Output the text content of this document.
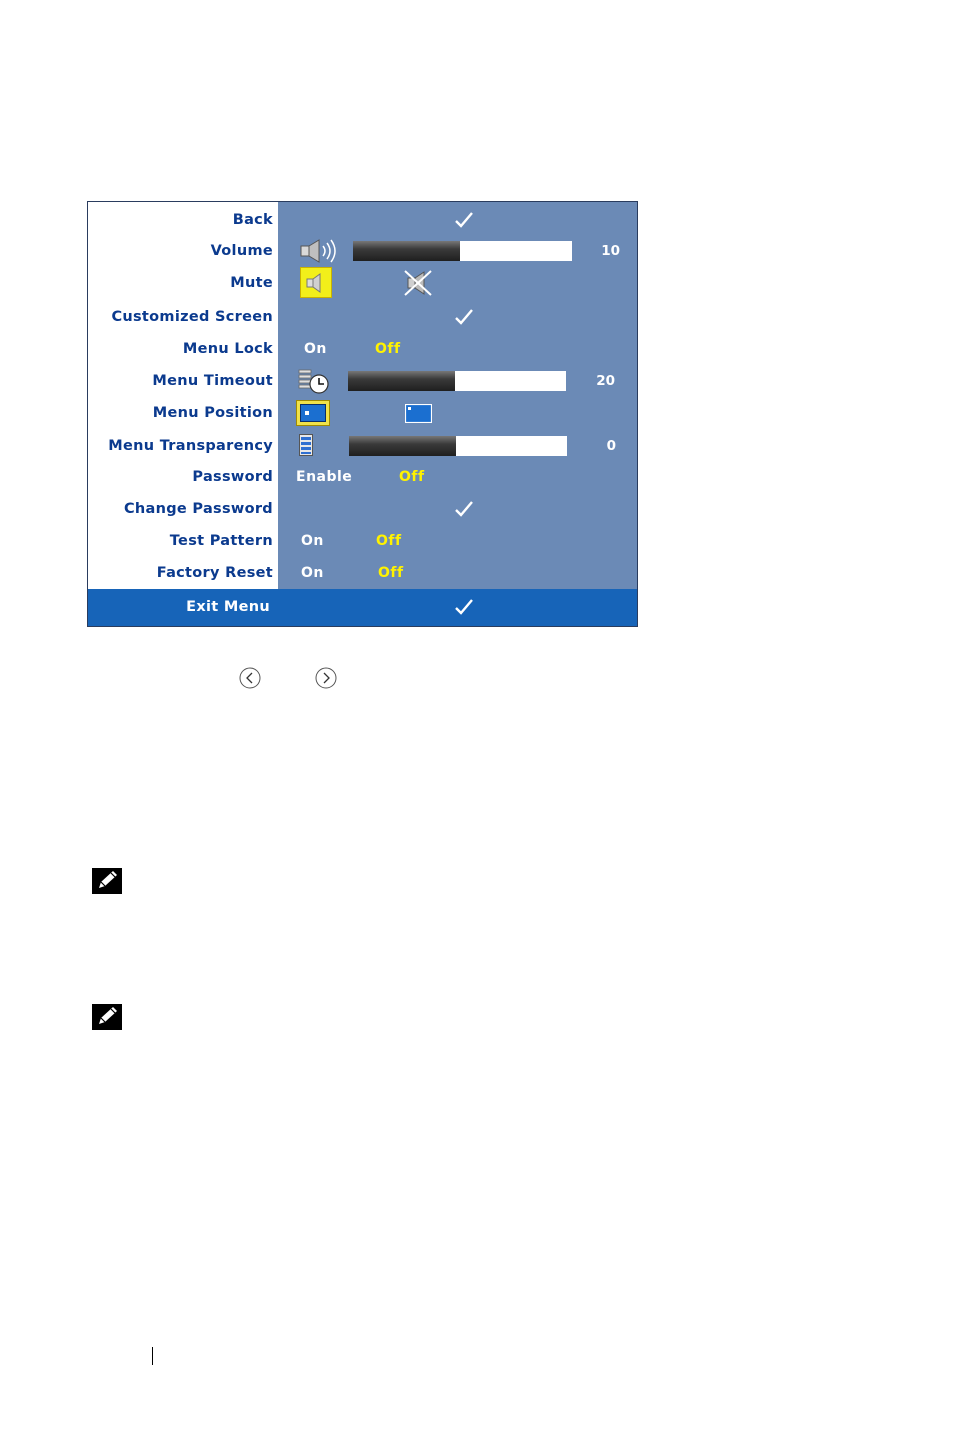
Back
Volume	10
Mute
Customized Screen
Menu Lock On	Off
Menu Timeout	20
Menu Position
Menu Transparency	0
Password Enable	Off
Change Password
Test Pattern On	Off
Factory Reset On	Off
Exit Menu
